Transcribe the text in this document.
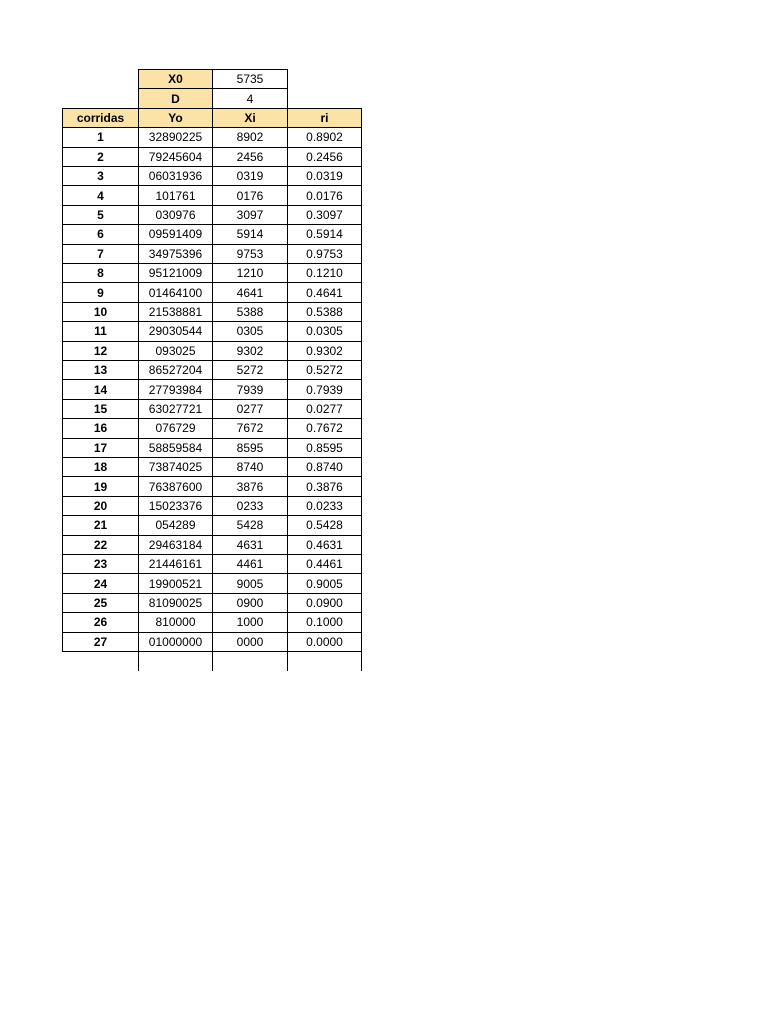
X0	5735
D	4
corridas	Yo	Xi	ri
1	32890225	8902	0.8902
2	79245604	2456	0.2456
3	06031936	0319	0.0319
4	101761	0176	0.0176
5	030976	3097	0.3097
6	09591409	5914	0.5914
7	34975396	9753	0.9753
8	95121009	1210	0.1210
9	01464100	4641	0.4641
10	21538881	5388	0.5388
11	29030544	0305	0.0305
12	093025	9302	0.9302
13	86527204	5272	0.5272
14	27793984	7939	0.7939
15	63027721	0277	0.0277
16	076729	7672	0.7672
17	58859584	8595	0.8595
18	73874025	8740	0.8740
19	76387600	3876	0.3876
20	15023376	0233	0.0233
21	054289	5428	0.5428
22	29463184	4631	0.4631
23	21446161	4461	0.4461
24	19900521	9005	0.9005
25	81090025	0900	0.0900
26	810000	1000	0.1000
27	01000000	0000	0.0000
